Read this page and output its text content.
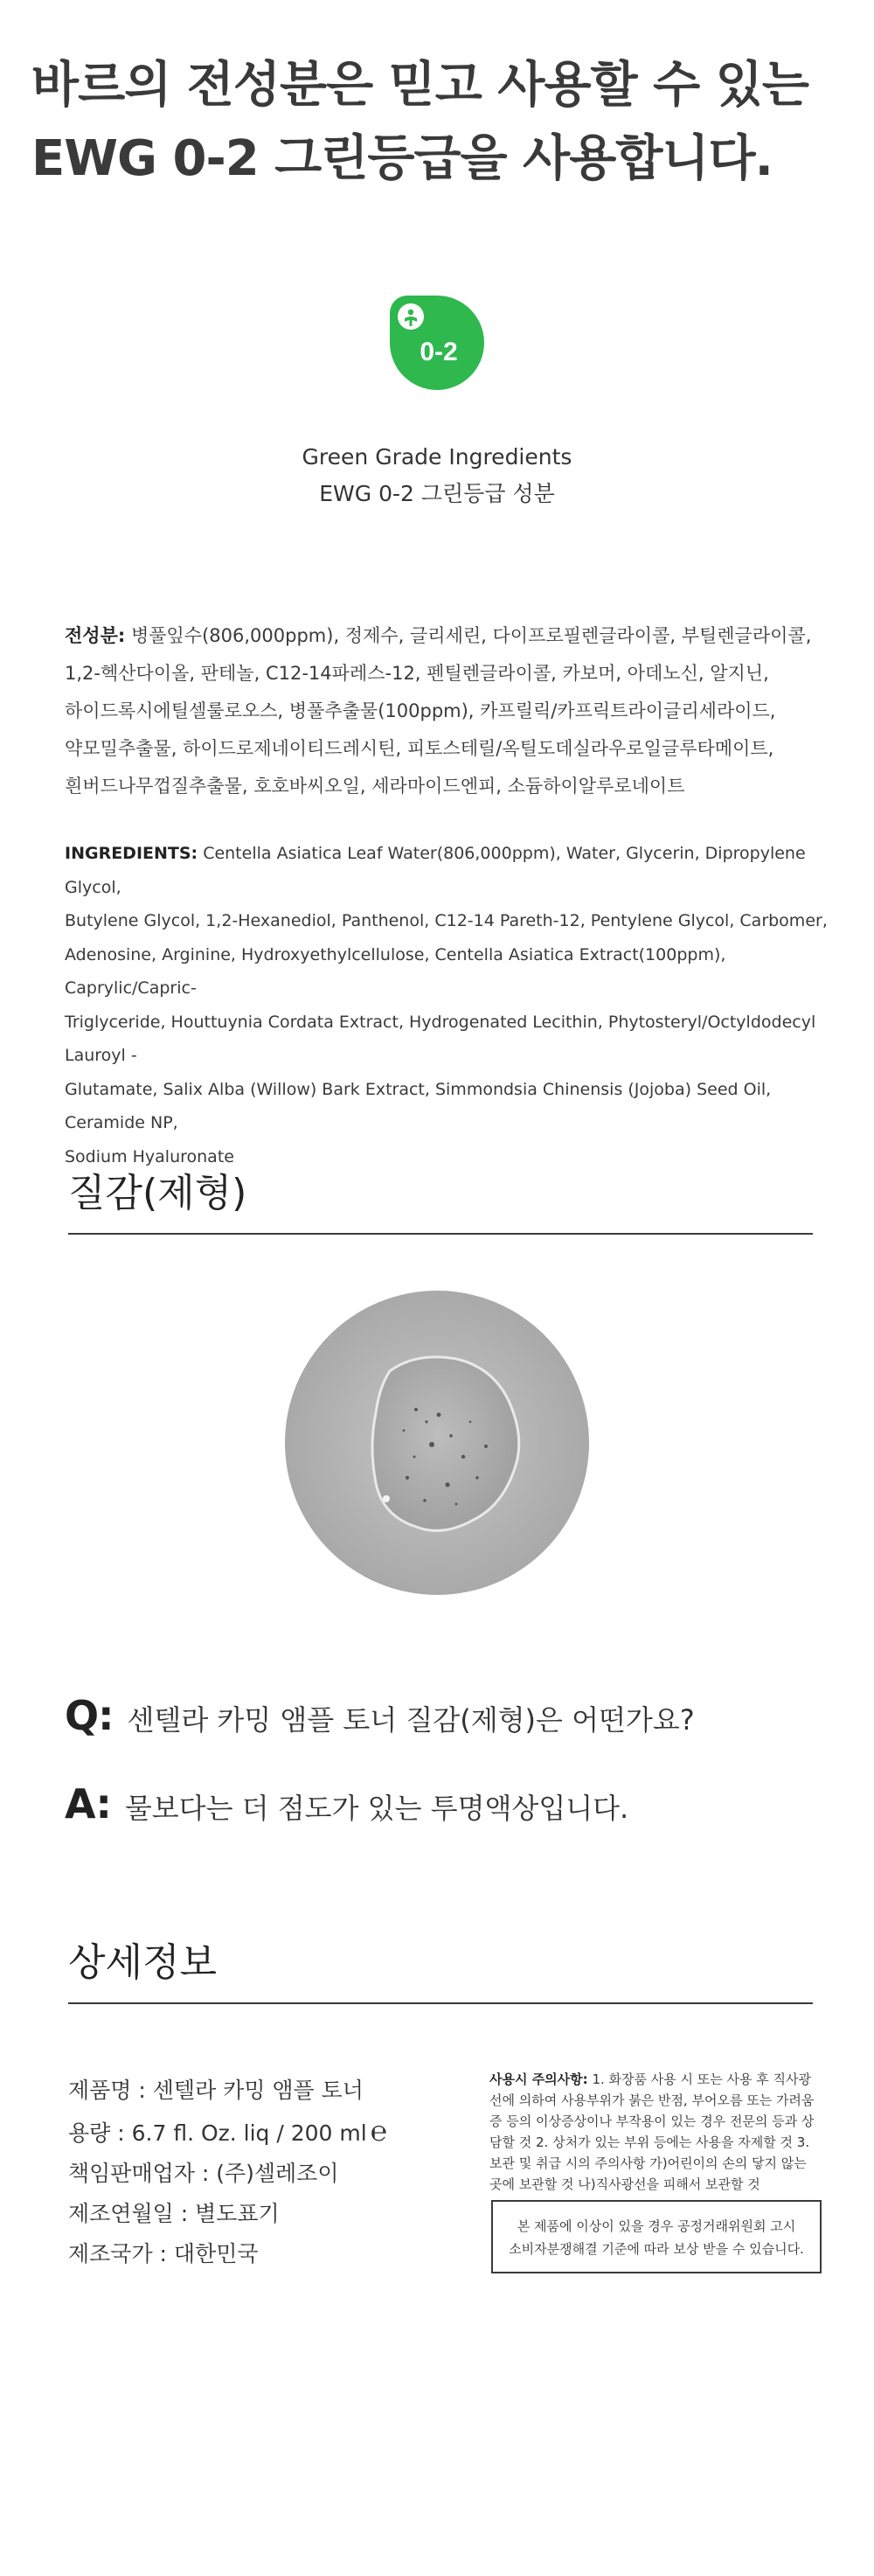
바르의 전성분은 믿고 사용할 수 있는
EWG 0-2 그린등급을 사용합니다.
0-2
Green Grade Ingredients
EWG 0-2 그린등급 성분
전성분: 병풀잎수(806,000ppm), 정제수, 글리세린, 다이프로필렌글라이콜, 부틸렌글라이콜,
1,2-헥산다이올, 판테놀, C12-14파레스-12, 펜틸렌글라이콜, 카보머, 아데노신, 알지닌,
하이드록시에틸셀룰로오스, 병풀추출물(100ppm), 카프릴릭/카프릭트라이글리세라이드,
약모밀추출물, 하이드로제네이티드레시틴, 피토스테릴/옥틸도데실라우로일글루타메이트,
흰버드나무껍질추출물, 호호바씨오일, 세라마이드엔피, 소듐하이알루로네이트
INGREDIENTS: Centella Asiatica Leaf Water(806,000ppm), Water, Glycerin, Dipropylene Glycol,
Butylene Glycol, 1,2-Hexanediol, Panthenol, C12-14 Pareth-12, Pentylene Glycol, Carbomer,
Adenosine, Arginine, Hydroxyethylcellulose, Centella Asiatica Extract(100ppm), Caprylic/Capric-
Triglyceride, Houttuynia Cordata Extract, Hydrogenated Lecithin, Phytosteryl/Octyldodecyl Lauroyl -
Glutamate, Salix Alba (Willow) Bark Extract, Simmondsia Chinensis (Jojoba) Seed Oil, Ceramide NP,
Sodium Hyaluronate
질감(제형)
Q: 센텔라 카밍 앰플 토너 질감(제형)은 어떤가요?
A: 물보다는 더 점도가 있는 투명액상입니다.
상세정보
제품명 : 센텔라 카밍 앰플 토너
용량 : 6.7 fl. Oz. liq / 200 ml ℮
책임판매업자 : (주)셀레조이
제조연월일 : 별도표기
제조국가 : 대한민국
사용시 주의사항: 1. 화장품 사용 시 또는 사용 후 직사광선에 의하여 사용부위가 붉은 반점, 부어오름 또는 가려움증 등의 이상증상이나 부작용이 있는 경우 전문의 등과 상담할 것 2. 상처가 있는 부위 등에는 사용을 자제할 것 3. 보관 및 취급 시의 주의사항 가)어린이의 손의 닿지 않는 곳에 보관할 것 나)직사광선을 피해서 보관할 것
본 제품에 이상이 있을 경우 공정거래위원회 고시
소비자분쟁해결 기준에 따라 보상 받을 수 있습니다.
